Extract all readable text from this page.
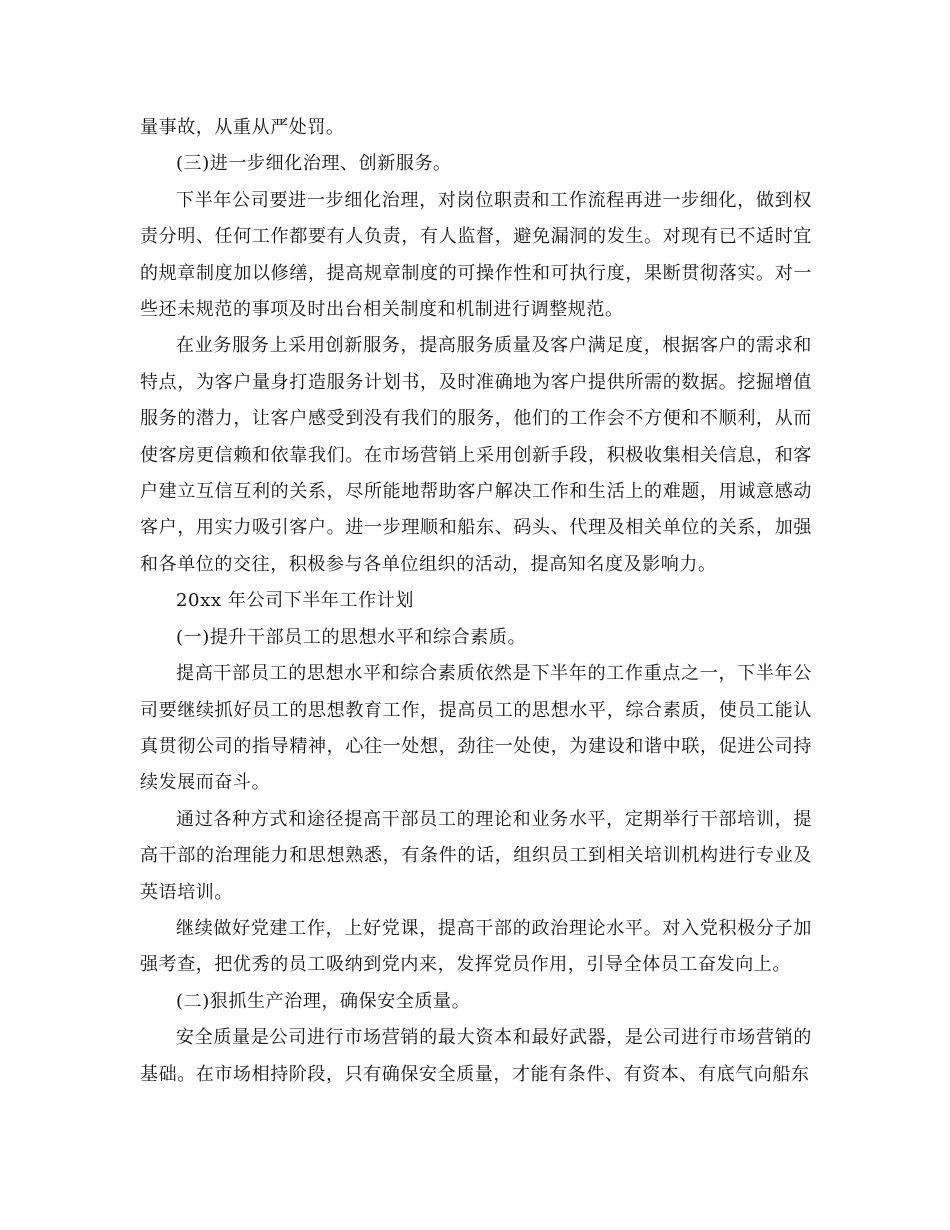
量事故，从重从严处罚。

(三)进一步细化治理、创新服务。

下半年公司要进一步细化治理，对岗位职责和工作流程再进一步细化，做到权责分明、任何工作都要有人负责，有人监督，避免漏洞的发生。对现有已不适时宜的规章制度加以修缮，提高规章制度的可操作性和可执行度，果断贯彻落实。对一些还未规范的事项及时出台相关制度和机制进行调整规范。

在业务服务上采用创新服务，提高服务质量及客户满足度，根据客户的需求和特点，为客户量身打造服务计划书，及时准确地为客户提供所需的数据。挖掘增值服务的潜力，让客户感受到没有我们的服务，他们的工作会不方便和不顺利，从而使客房更信赖和依靠我们。在市场营销上采用创新手段，积极收集相关信息，和客户建立互信互利的关系，尽所能地帮助客户解决工作和生活上的难题，用诚意感动客户，用实力吸引客户。进一步理顺和船东、码头、代理及相关单位的关系，加强和各单位的交往，积极参与各单位组织的活动，提高知名度及影响力。

20xx 年公司下半年工作计划

(一)提升干部员工的思想水平和综合素质。

提高干部员工的思想水平和综合素质依然是下半年的工作重点之一，下半年公司要继续抓好员工的思想教育工作，提高员工的思想水平，综合素质，使员工能认真贯彻公司的指导精神，心往一处想，劲往一处使，为建设和谐中联，促进公司持续发展而奋斗。

通过各种方式和途径提高干部员工的理论和业务水平，定期举行干部培训，提高干部的治理能力和思想熟悉，有条件的话，组织员工到相关培训机构进行专业及英语培训。

继续做好党建工作，上好党课，提高干部的政治理论水平。对入党积极分子加强考查，把优秀的员工吸纳到党内来，发挥党员作用，引导全体员工奋发向上。

(二)狠抓生产治理，确保安全质量。

安全质量是公司进行市场营销的最大资本和最好武器，是公司进行市场营销的基础。在市场相持阶段，只有确保安全质量，才能有条件、有资本、有底气向船东
